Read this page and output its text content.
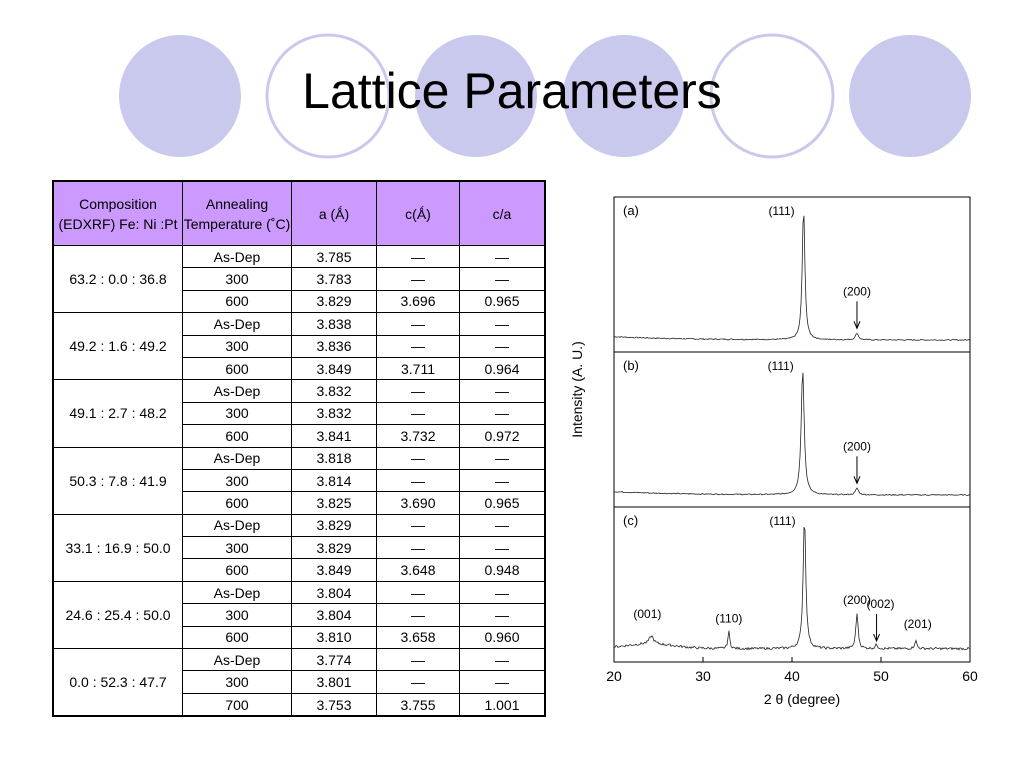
Lattice Parameters
Composition (EDXRF) Fe: Ni :Pt	Annealing Temperature (˚C)	a (Ǻ)	c(Ǻ)	c/a
63.2 : 0.0 : 36.8	As-Dep	3.785	—	—
	300	3.783	—	—
	600	3.829	3.696	0.965
49.2 : 1.6 : 49.2	As-Dep	3.838	—	—
	300	3.836	—	—
	600	3.849	3.711	0.964
49.1 : 2.7 : 48.2	As-Dep	3.832	—	—
	300	3.832	—	—
	600	3.841	3.732	0.972
50.3 : 7.8 : 41.9	As-Dep	3.818	—	—
	300	3.814	—	—
	600	3.825	3.690	0.965
33.1 : 16.9 : 50.0	As-Dep	3.829	—	—
	300	3.829	—	—
	600	3.849	3.648	0.948
24.6 : 25.4 : 50.0	As-Dep	3.804	—	—
	300	3.804	—	—
	600	3.810	3.658	0.960
0.0 : 52.3 : 47.7	As-Dep	3.774	—	—
	300	3.801	—	—
	700	3.753	3.755	1.001
(a)	(111)
(200)
(b)	(111)
(200)
(c)
(001)	(110)
(111)
(200)
(002)
(201)
20	30	40	50	60
2 θ (degree)
Intensity (A. U.)
